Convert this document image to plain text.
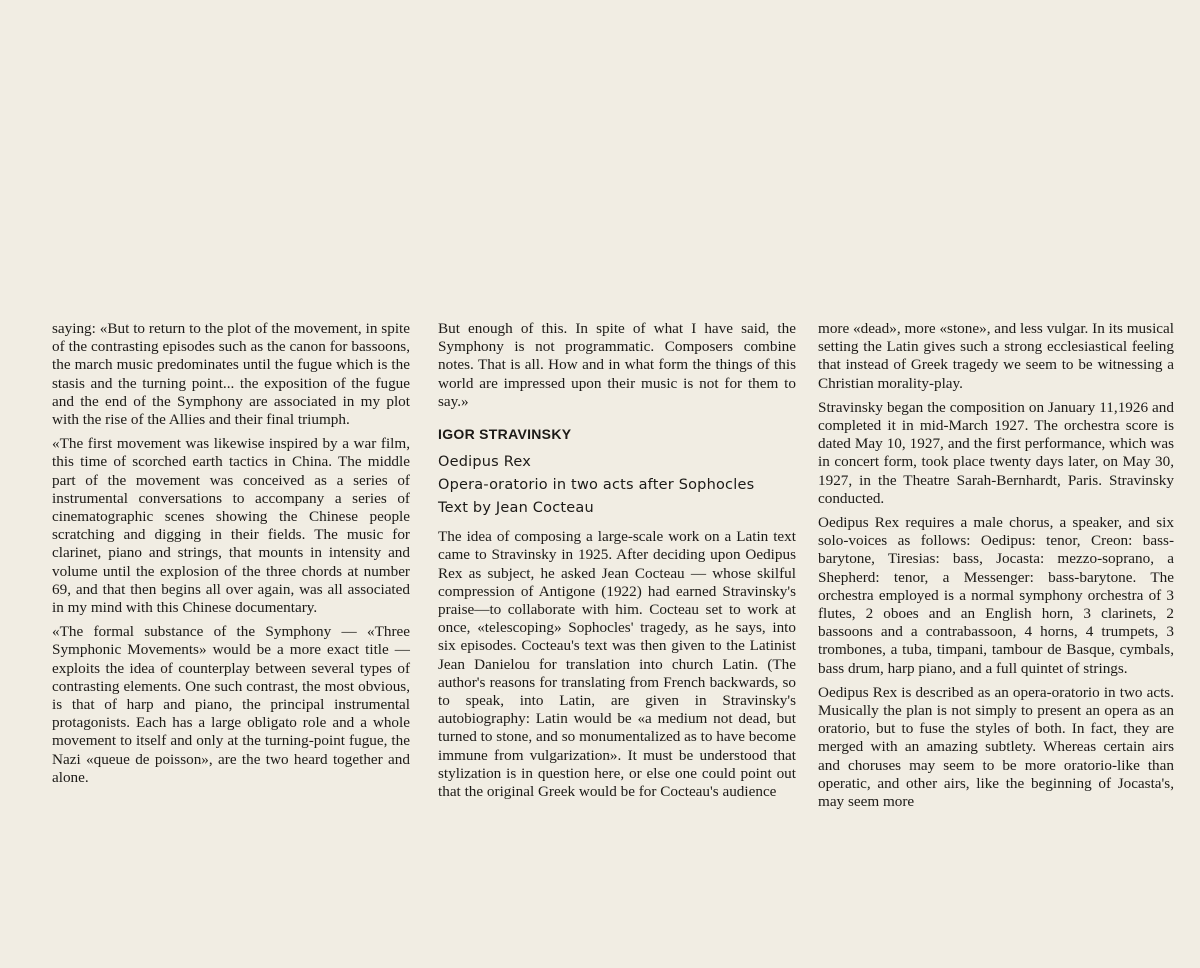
saying: «But to return to the plot of the movement, in spite of the contrasting episodes such as the canon for bassoons, the march music predominates until the fugue which is the stasis and the turning point... the exposition of the fugue and the end of the Symphony are associated in my plot with the rise of the Allies and their final triumph.

«The first movement was likewise inspired by a war film, this time of scorched earth tactics in China. The middle part of the movement was conceived as a series of instrumental conversations to accompany a series of cinematographic scenes showing the Chinese people scratching and digging in their fields. The music for clarinet, piano and strings, that mounts in intensity and volume until the explosion of the three chords at number 69, and that then begins all over again, was all associated in my mind with this Chinese documentary.

«The formal substance of the Symphony — «Three Symphonic Movements» would be a more exact title — exploits the idea of counterplay between several types of contrasting elements. One such contrast, the most obvious, is that of harp and piano, the principal instrumental protagonists. Each has a large obligato role and a whole movement to itself and only at the turning-point fugue, the Nazi «queue de poisson», are the two heard together and alone.

But enough of this. In spite of what I have said, the Symphony is not programmatic. Composers combine notes. That is all. How and in what form the things of this world are impressed upon their music is not for them to say.»

IGOR STRAVINSKY

Oedipus Rex

Opera-oratorio in two acts after Sophocles

Text by Jean Cocteau

The idea of composing a large-scale work on a Latin text came to Stravinsky in 1925. After deciding upon Oedipus Rex as subject, he asked Jean Cocteau — whose skilful compression of Antigone (1922) had earned Stravinsky's praise—to collaborate with him. Cocteau set to work at once, «telescoping» Sophocles' tragedy, as he says, into six episodes. Cocteau's text was then given to the Latinist Jean Danielou for translation into church Latin. (The author's reasons for translating from French backwards, so to speak, into Latin, are given in Stravinsky's autobiography: Latin would be «a medium not dead, but turned to stone, and so monumentalized as to have become immune from vulgarization». It must be understood that stylization is in question here, or else one could point out that the original Greek would be for Cocteau's audience

more «dead», more «stone», and less vulgar. In its musical setting the Latin gives such a strong ecclesiastical feeling that instead of Greek tragedy we seem to be witnessing a Christian morality-play.

Stravinsky began the composition on January 11,1926 and completed it in mid-March 1927. The orchestra score is dated May 10, 1927, and the first performance, which was in concert form, took place twenty days later, on May 30, 1927, in the Theatre Sarah-Bernhardt, Paris. Stravinsky conducted.

Oedipus Rex requires a male chorus, a speaker, and six solo-voices as follows: Oedipus: tenor, Creon: bass-barytone, Tiresias: bass, Jocasta: mezzo-soprano, a Shepherd: tenor, a Messenger: bass-barytone. The orchestra employed is a normal symphony orchestra of 3 flutes, 2 oboes and an English horn, 3 clarinets, 2 bassoons and a contrabassoon, 4 horns, 4 trumpets, 3 trombones, a tuba, timpani, tambour de Basque, cymbals, bass drum, harp piano, and a full quintet of strings.

Oedipus Rex is described as an opera-oratorio in two acts. Musically the plan is not simply to present an opera as an oratorio, but to fuse the styles of both. In fact, they are merged with an amazing subtlety. Whereas certain airs and choruses may seem to be more oratorio-like than operatic, and other airs, like the beginning of Jocasta's, may seem more
